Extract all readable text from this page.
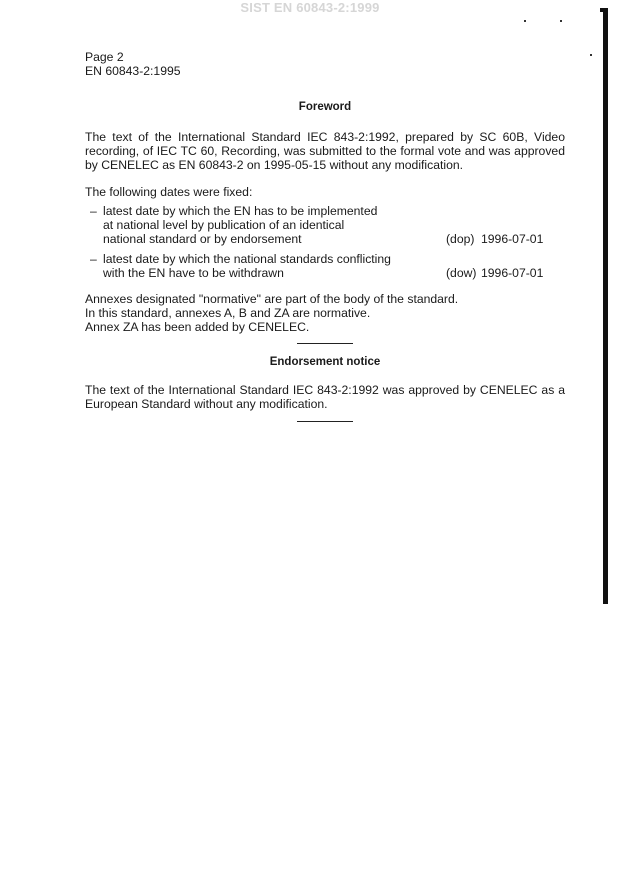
SIST EN 60843-2:1999

Page 2

EN 60843-2:1995

Foreword

The text of the International Standard IEC 843-2:1992, prepared by SC 60B, Video recording, of IEC TC 60, Recording, was submitted to the formal vote and was approved by CENELEC as EN 60843-2 on 1995-05-15 without any modification.

The following dates were fixed:

– latest date by which the EN has to be implemented
at national level by publication of an identical
national standard or by endorsement	(dop) 1996-07-01
– latest date by which the national standards conflicting
with the EN have to be withdrawn	(dow) 1996-07-01

Annexes designated "normative" are part of the body of the standard.

In this standard, annexes A, B and ZA are normative.

Annex ZA has been added by CENELEC.

Endorsement notice

The text of the International Standard IEC 843-2:1992 was approved by CENELEC as a European Standard without any modification.
